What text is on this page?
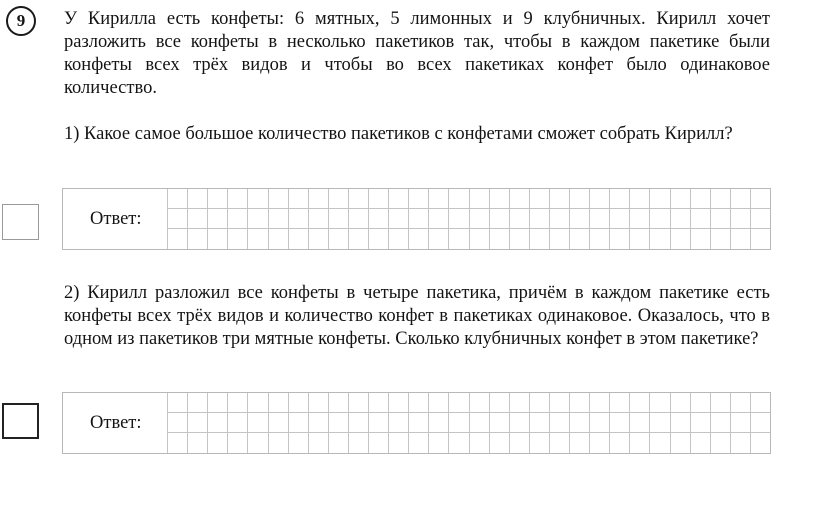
9 У Кирилла есть конфеты: 6 мятных, 5 лимонных и 9 клубничных. Кирилл хочет разложить все конфеты в несколько пакетиков так, чтобы в каждом пакетике были конфеты всех трёх видов и чтобы во всех пакетиках конфет было одинаковое количество.

1) Какое самое большое количество пакетиков с конфетами сможет собрать Кирилл?

Ответ:

2) Кирилл разложил все конфеты в четыре пакетика, причём в каждом пакетике есть конфеты всех трёх видов и количество конфет в пакетиках одинаковое. Оказалось, что в одном из пакетиков три мятные конфеты. Сколько клубничных конфет в этом пакетике?

Ответ:
